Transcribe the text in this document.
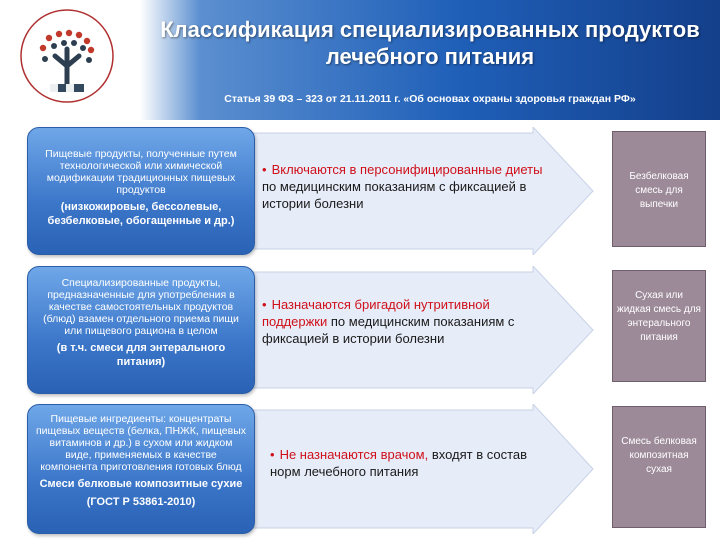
Классификация специализированных продуктов
лечебного питания
Статья 39 ФЗ – 323 от 21.11.2011 г. «Об основах охраны здоровья граждан РФ»
Пищевые продукты, полученные путем технологической или химической модификации традиционных пищевых продуктов
(низкожировые, бессолевые, безбелковые, обогащенные и др.)
• Включаются в персонифицированные диеты по медицинским показаниям с фиксацией в истории болезни
Безбелковая смесь для выпечки
Специализированные продукты, предназначенные для употребления в качестве самостоятельных продуктов (блюд) взамен отдельного приема пищи или пищевого рациона в целом
(в т.ч. смеси для энтерального питания)
• Назначаются бригадой нутритивной поддержки по медицинским показаниям с фиксацией в истории болезни
Сухая или жидкая смесь для энтерального питания
Пищевые ингредиенты: концентраты пищевых веществ (белка, ПНЖК, пищевых витаминов и др.) в сухом или жидком виде, применяемых в качестве компонента приготовления готовых блюд
Смеси белковые композитные сухие
(ГОСТ Р 53861-2010)
• Не назначаются врачом, входят в состав норм лечебного питания
Смесь белковая композитная сухая
